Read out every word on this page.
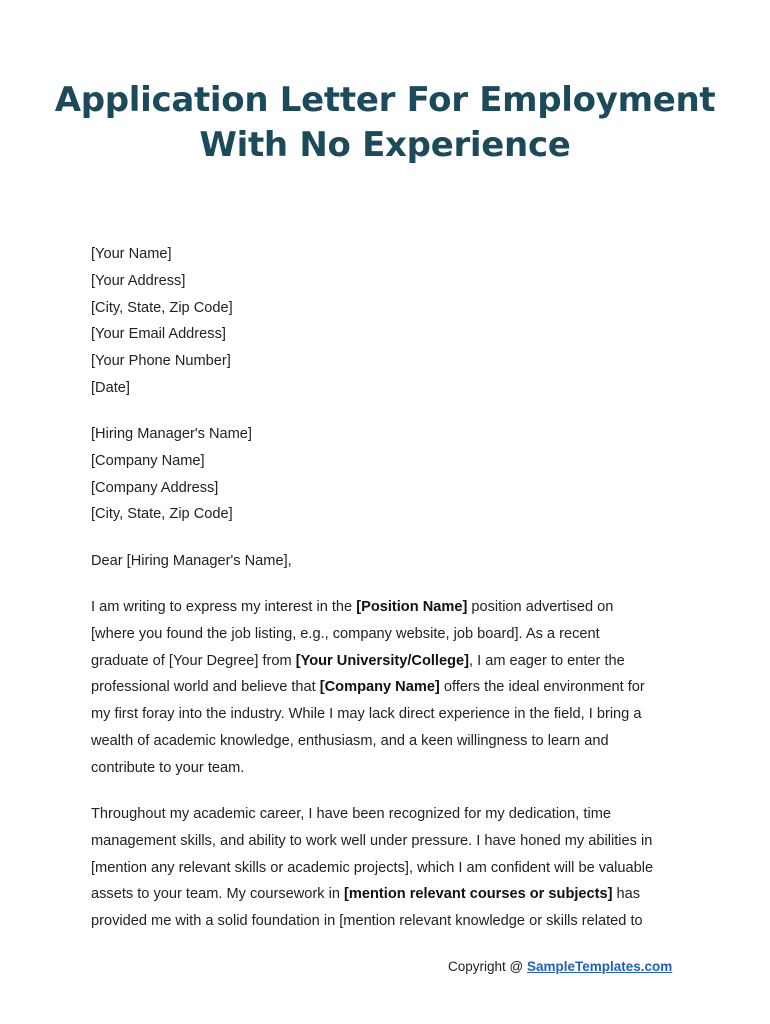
Application Letter For Employment
With No Experience
[Your Name]
[Your Address]
[City, State, Zip Code]
[Your Email Address]
[Your Phone Number]
[Date]
[Hiring Manager's Name]
[Company Name]
[Company Address]
[City, State, Zip Code]
Dear [Hiring Manager's Name],
I am writing to express my interest in the [Position Name] position advertised on
[where you found the job listing, e.g., company website, job board]. As a recent
graduate of [Your Degree] from [Your University/College], I am eager to enter the
professional world and believe that [Company Name] offers the ideal environment for
my first foray into the industry. While I may lack direct experience in the field, I bring a
wealth of academic knowledge, enthusiasm, and a keen willingness to learn and
contribute to your team.
Throughout my academic career, I have been recognized for my dedication, time
management skills, and ability to work well under pressure. I have honed my abilities in
[mention any relevant skills or academic projects], which I am confident will be valuable
assets to your team. My coursework in [mention relevant courses or subjects] has
provided me with a solid foundation in [mention relevant knowledge or skills related to
Copyright @ SampleTemplates.com
